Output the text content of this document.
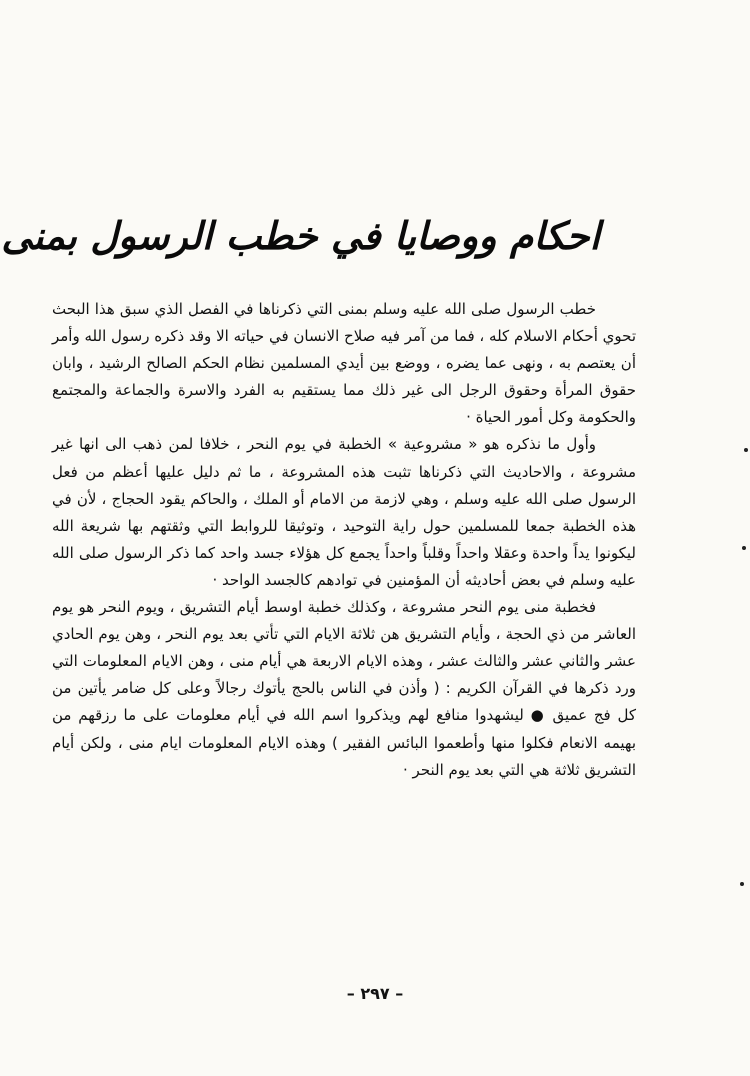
احكام ووصايا في خطب الرسول بمنى

خطب الرسول صلى الله عليه وسلم بمنى التي ذكرناها في الفصل الذي سبق هذا البحث تحوي أحكام الاسلام كله ، فما من آمر فيه صلاح الانسان في حياته الا وقد ذكره رسول الله وأمر أن يعتصم به ، ونهى عما يضره ، ووضع بين أيدي المسلمين نظام الحكم الصالح الرشيد ، وابان حقوق المرأة وحقوق الرجل الى غير ذلك مما يستقيم به الفرد والاسرة والجماعة والمجتمع والحكومة وكل أمور الحياة ·

وأول ما نذكره هو « مشروعية » الخطبة في يوم النحر ، خلافا لمن ذهب الى انها غير مشروعة ، والاحاديث التي ذكرناها تثبت هذه المشروعة ، ما ثم دليل عليها أعظم من فعل الرسول صلى الله عليه وسلم ، وهي لازمة من الامام أو الملك ، والحاكم يقود الحجاج ، لأن في هذه الخطبة جمعا للمسلمين حول راية التوحيد ، وتوثيقا للروابط التي وثقتهم بها شريعة الله ليكونوا يداً واحدة وعقلا واحداً وقلباً واحداً يجمع كل هؤلاء جسد واحد كما ذكر الرسول صلى الله عليه وسلم في بعض أحاديثه أن المؤمنين في توادهم كالجسد الواحد ·

فخطبة منى يوم النحر مشروعة ، وكذلك خطبة اوسط أيام التشريق ، ويوم النحر هو يوم العاشر من ذي الحجة ، وأيام التشريق هن ثلاثة الايام التي تأتي بعد يوم النحر ، وهن يوم الحادي عشر والثاني عشر والثالث عشر ، وهذه الايام الاربعة هي أيام منى ، وهن الايام المعلومات التي ورد ذكرها في القرآن الكريم : ( وأذن في الناس بالحج يأتوك رجالاً وعلى كل ضامر يأتين من كل فج عميق ● ليشهدوا منافع لهم ويذكروا اسم الله في أيام معلومات على ما رزقهم من بهيمه الانعام فكلوا منها وأطعموا البائس الفقير ) وهذه الايام المعلومات ايام منى ، ولكن أيام التشريق ثلاثة هي التي بعد يوم النحر ·

– ٢٩٧ –
